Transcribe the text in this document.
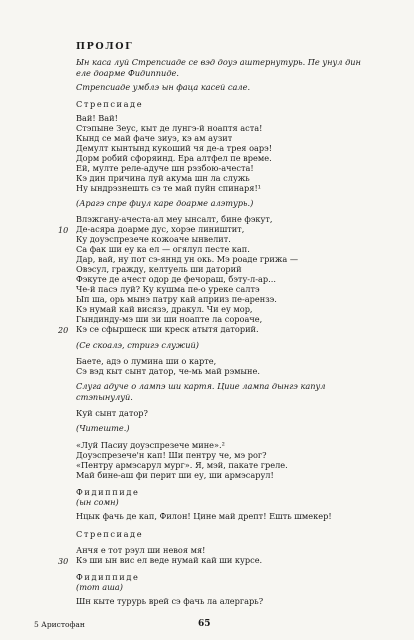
ПРОЛОГ
Ын каса луй Стрепсиаде се вэд доуэ аштернутурь. Пе унул дин
еле доарме Фидиппиде.
Стрепсиаде умблэ ын фаца касей сале.
Стрепсиаде
Вай! Вай!
Стэпыне Зеус, кыт де лунгэ-й ноаптя аста!
Кынд се май фаче зиуэ, кэ ам аузит
Демулт кынтынд кукоший чя де-а трея оарэ!
Дорм робий сфоряинд. Ера алтфел пе време.
Ей, мулте реле-адуче шн рэзбою-ачеста!
Кэ дин причина луй акума шн ла служь
Ну ындрэзнешть сэ те май пуйн спинаря!¹
(Арагэ спре фиул каре доарме алэтурь.)
Влэжгану-ачеста-ал меу ынсалт, бине фэкут,
10 Де-асяра доарме дус, хорэе лиништит,
Ку доуэспрезече кожоаче ынвелит.
Са фак ши еу ка ел — огялул песте кап.
Дар, вай, ну пот сэ-яннд ун окь. Мэ роаде грижа —
Овэсул, гражду, келтуель ши даторий
Фэкуте де ачест одор де фечорaш, бэту-л-ар...
Че-й пасэ луй? Ку кушма пе-о уреке салтэ
Ып ша, орь мынэ патру кай априиз пе-арензэ.
Кэ нумай кай висязэ, дракул. Чи еу мор,
Гындинду-мэ ши зи ши ноапте ла сороаче,
20 Кэ се сфыршеск ши креск атытя даторий.
(Се скоалэ, стригэ служий)
Баете, адэ о лумина ши о карте,
Сэ вэд кыт сынт датор, че-мь май рэмыне.
Слуга адуче о лампэ ши картя. Циие лампа дынгэ капул
стэпынулуй.
Куй сынт датор?
(Читеште.)
«Луй Пасиу доуэспрезече мине».²
Доуэспрезече'н кап! Ши пентру че, мэ рог?
«Пентру армэсарул мург». Я, мэй, пакате греле.
Май бине-аш фи перит ши еу, ши армэсарул!
Фидиппиде
(ын сомн)
Нцык фачь де кап, Филон! Цине май дрепт! Ешть шмекер!
Стрепсиаде
Анчя е тот рэул ши невоя мя!
30 Кэ ши ын вис ел веде нумай кай ши курсе.
Фидиппиде
(тот аша)
Шн кыте турурь врей сэ фачь ла алергарь?
5 Аристофан	65
